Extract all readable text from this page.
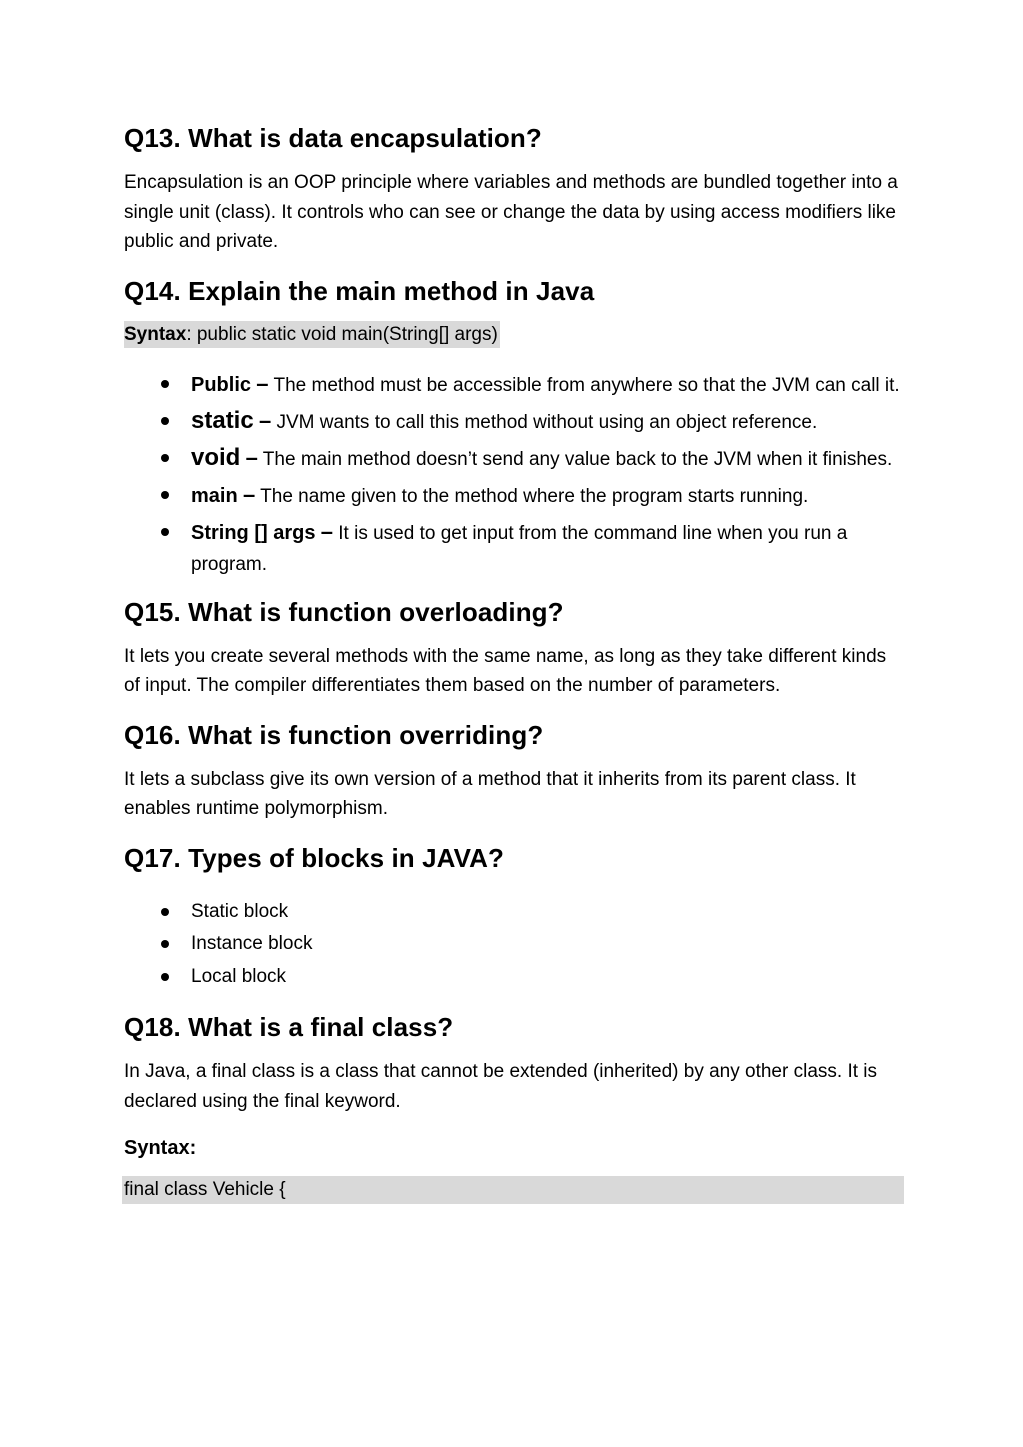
Q13. What is data encapsulation?

Encapsulation is an OOP principle where variables and methods are bundled together into a single unit (class). It controls who can see or change the data by using access modifiers like public and private.

Q14. Explain the main method in Java
Syntax: public static void main(String[] args)
Public – The method must be accessible from anywhere so that the JVM can call it.
static – JVM wants to call this method without using an object reference.
void – The main method doesn’t send any value back to the JVM when it finishes.
main – The name given to the method where the program starts running.
String [] args – It is used to get input from the command line when you run a program.
Q15. What is function overloading?

It lets you create several methods with the same name, as long as they take different kinds of input. The compiler differentiates them based on the number of parameters.

Q16. What is function overriding?

It lets a subclass give its own version of a method that it inherits from its parent class. It enables runtime polymorphism.

Q17. Types of blocks in JAVA?
Static block
Instance block
Local block
Q18. What is a final class?

In Java, a final class is a class that cannot be extended (inherited) by any other class. It is declared using the final keyword.

Syntax:
final class Vehicle {
